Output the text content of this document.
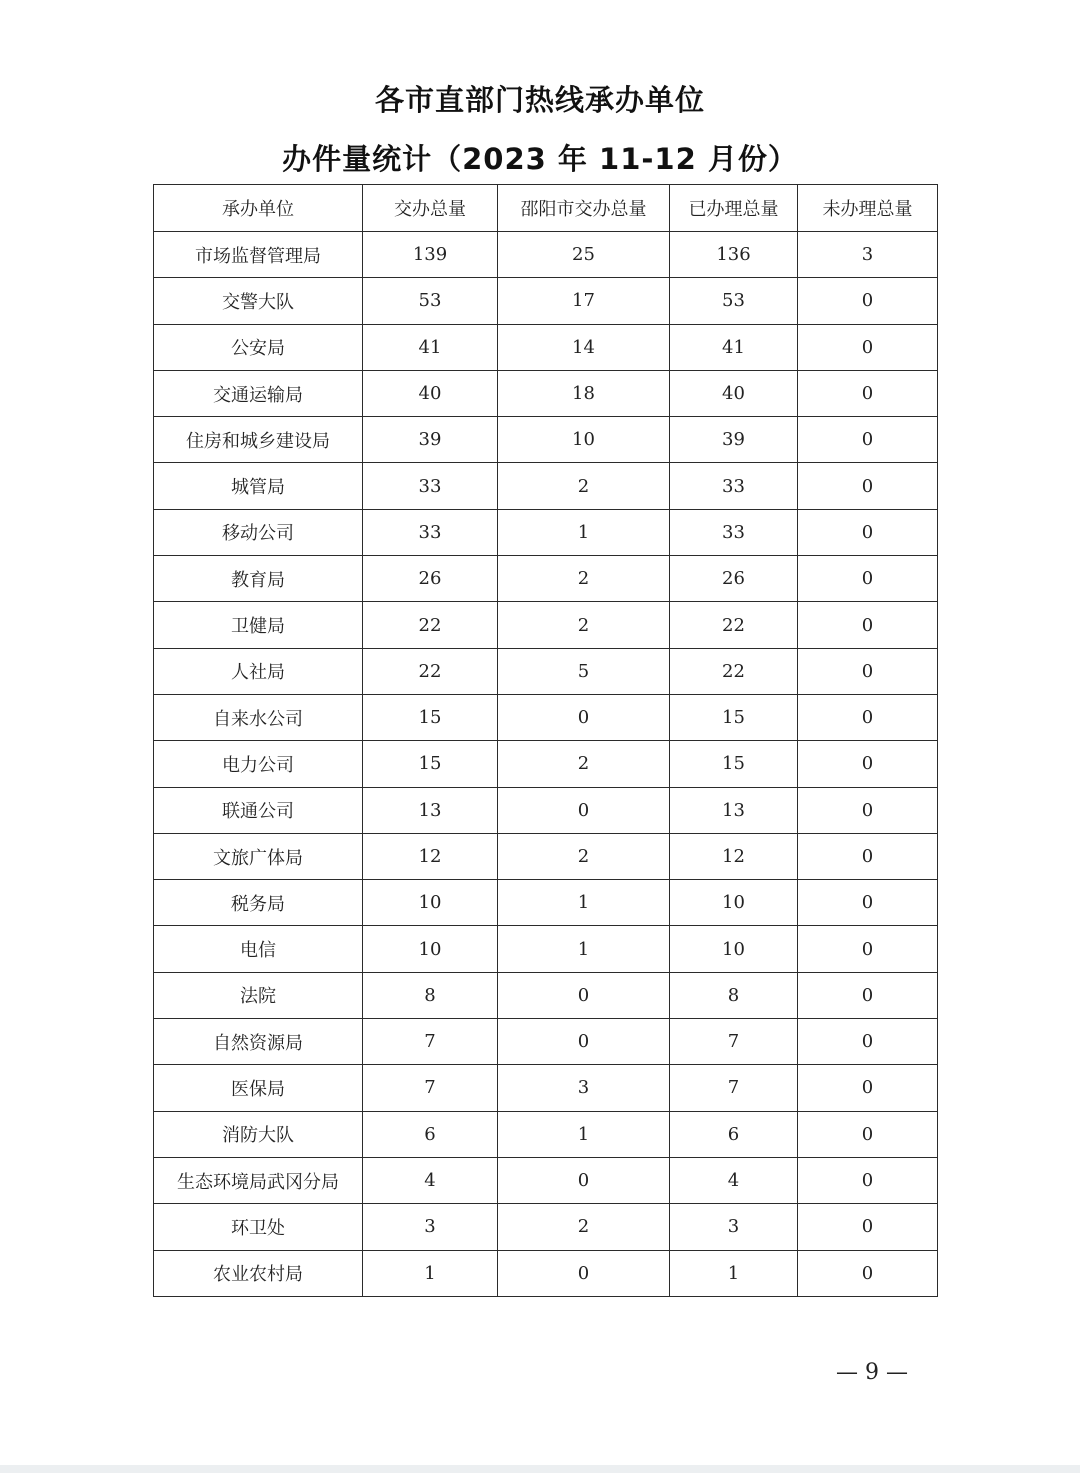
各市直部门热线承办单位
办件量统计（2023 年 11-12 月份）
承办单位	交办总量	邵阳市交办总量	已办理总量	未办理总量
市场监督管理局	139	25	136	3
交警大队	53	17	53	0
公安局	41	14	41	0
交通运输局	40	18	40	0
住房和城乡建设局	39	10	39	0
城管局	33	2	33	0
移动公司	33	1	33	0
教育局	26	2	26	0
卫健局	22	2	22	0
人社局	22	5	22	0
自来水公司	15	0	15	0
电力公司	15	2	15	0
联通公司	13	0	13	0
文旅广体局	12	2	12	0
税务局	10	1	10	0
电信	10	1	10	0
法院	8	0	8	0
自然资源局	7	0	7	0
医保局	7	3	7	0
消防大队	6	1	6	0
生态环境局武冈分局	4	0	4	0
环卫处	3	2	3	0
农业农村局	1	0	1	0
— 9 —
